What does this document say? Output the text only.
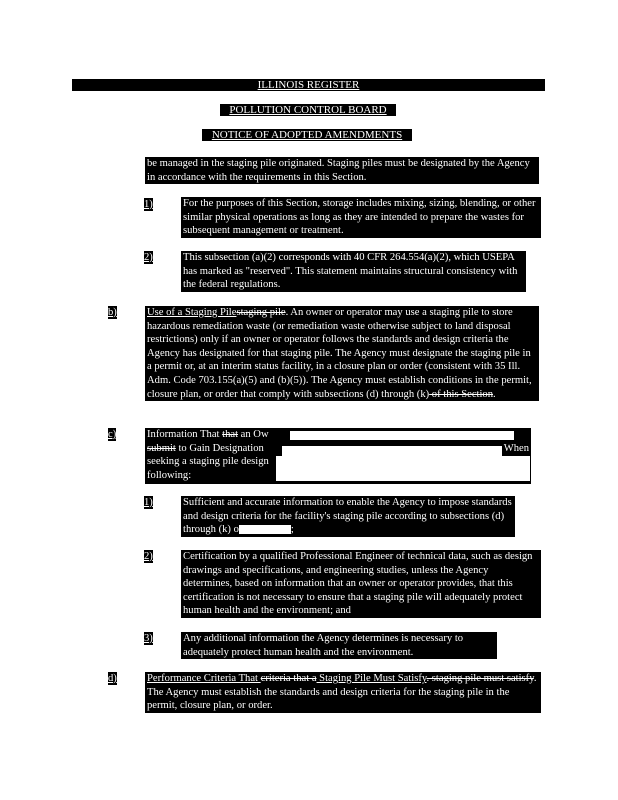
ILLINOIS REGISTER
POLLUTION CONTROL BOARD
NOTICE OF ADOPTED AMENDMENTS
be managed in the staging pile originated. Staging piles must be designated by the Agency in accordance with the requirements in this Section.
1)	For the purposes of this Section, storage includes mixing, sizing, blending, or other similar physical operations as long as they are intended to prepare the wastes for subsequent management or treatment.
2)	This subsection (a)(2) corresponds with 40 CFR 264.554(a)(2), which USEPA has marked as "reserved". This statement maintains structural consistency with the federal regulations.
b)	Use of a Staging Pilestaging pile. An owner or operator may use a staging pile to store hazardous remediation waste (or remediation waste otherwise subject to land disposal restrictions) only if an owner or operator follows the standards and design criteria the Agency has designated for that staging pile. The Agency must designate the staging pile in a permit or, at an interim status facility, in a closure plan or order (consistent with 35 Ill. Adm. Code 703.155(a)(5) and (b)(5)). The Agency must establish conditions in the permit, closure plan, or order that comply with subsections (d) through (k) of this Section.
c)	Information That that an Ow
submit to Gain Designation	When
seeking a staging pile design
following:
1)	Sufficient and accurate information to enable the Agency to impose standards and design criteria for the facility's staging pile according to subsections (d) through (k) o	;
2)	Certification by a qualified Professional Engineer of technical data, such as design drawings and specifications, and engineering studies, unless the Agency determines, based on information that an owner or operator provides, that this certification is not necessary to ensure that a staging pile will adequately protect human health and the environment; and
3)	Any additional information the Agency determines is necessary to adequately protect human health and the environment.
d)	Performance Criteria That criteria that a Staging Pile Must Satisfy. staging pile must satisfy. The Agency must establish the standards and design criteria for the staging pile in the permit, closure plan, or order.
